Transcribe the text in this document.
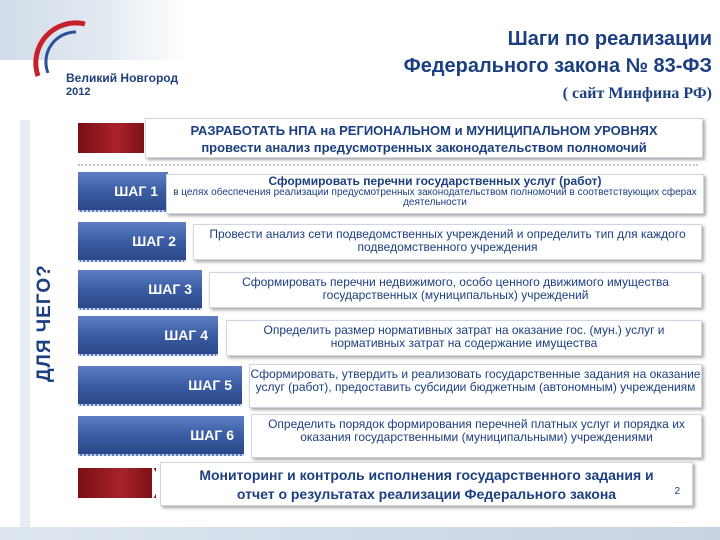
Великий Новгород
2012
Шаги по реализации
Федерального закона № 83-ФЗ
( сайт Минфина РФ)
ДЛЯ ЧЕГО?
РАЗРАБОТАТЬ НПА на РЕГИОНАЛЬНОМ и МУНИЦИПАЛЬНОМ УРОВНЯХ
провести анализ предусмотренных законодательством полномочий
ШАГ 1
Сформировать перечни государственных услуг (работ)
в целях обеспечения реализации предусмотренных законодательством полномочий в соответствующих сферах деятельности
ШАГ 2	Провести анализ сети подведомственных учреждений и определить тип для каждого подведомственного учреждения
ШАГ 3	Сформировать перечни недвижимого, особо ценного движимого имущества государственных (муниципальных) учреждений
ШАГ 4	Определить размер нормативных затрат на оказание гос. (мун.) услуг и нормативных затрат на содержание имущества
ШАГ 5
Сформировать, утвердить и реализовать государственные задания на оказание услуг (работ), предоставить субсидии бюджетным (автономным) учреждениям
ШАГ 6
Определить порядок формирования перечней платных услуг и порядка их оказания государственными (муниципальными) учреждениями
Мониторинг и контроль исполнения государственного задания и
отчет о результатах реализации Федерального закона	2
